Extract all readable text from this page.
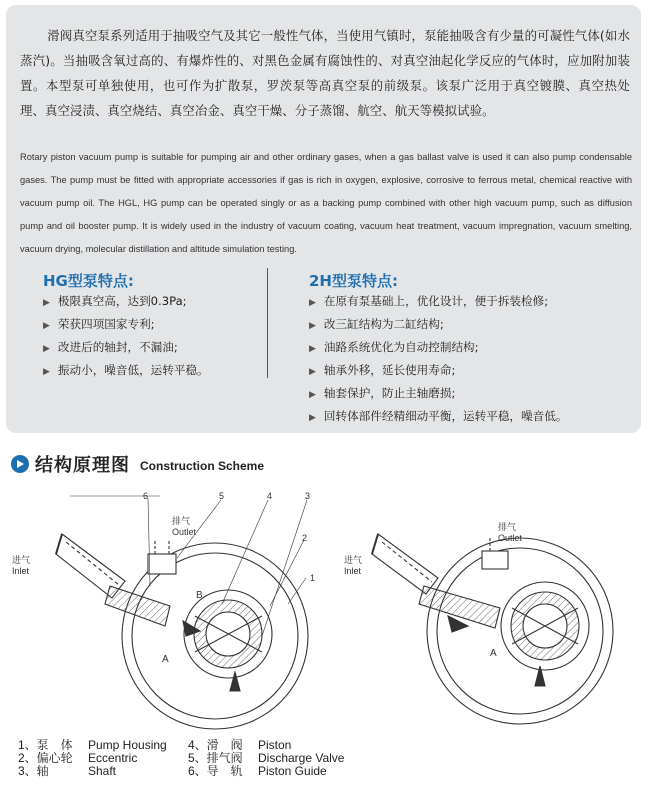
滑阀真空泵系列适用于抽吸空气及其它一般性气体，当使用气镇时，泵能抽吸含有少量的可凝性气体(如水蒸汽)。当抽吸含氧过高的、有爆炸性的、对黑色金属有腐蚀性的、对真空油起化学反应的气体时，应加附加装置。本型泵可单独使用，也可作为扩散泵，罗茨泵等高真空泵的前级泵。该泵广泛用于真空镀膜、真空热处理、真空浸渍、真空烧结、真空冶金、真空干燥、分子蒸馏、航空、航天等模拟试验。

Rotary piston vacuum pump is suitable for pumping air and other ordinary gases, when a gas ballast valve is used it can also pump condensable gases. The pump must be fitted with appropriate accessories if gas is rich in oxygen, explosive, corrosive to ferrous metal, chemical reactive with vacuum pump oil. The HGL, HG pump can be operated singly or as a backing pump combined with other high vacuum pump, such as diffusion pump and oil booster pump. It is widely used in the industry of vacuum coating, vacuum heat treatment, vacuum impregnation, vacuum smelting, vacuum drying, molecular distillation and altitude simulation testing.

HG型泵特点:
▶ 极限真空高，达到0.3Pa;
▶ 荣获四项国家专利;
▶ 改进后的轴封，不漏油;
▶ 振动小，噪音低，运转平稳。
2H型泵特点:
▶ 在原有泵基础上，优化设计，便于拆装检修;
▶ 改三缸结构为二缸结构;
▶ 油路系统优化为自动控制结构;
▶ 轴承外移，延长使用寿命;
▶ 轴套保护，防止主轴磨损;
▶ 回转体部件经精细动平衡，运转平稳，噪音低。
结构原理图 Construction Scheme
进气
Inlet
排气
Outlet
A
B
1
2
3
4
5
6
进气
Inlet
排气
Outlet
A
1、泵　体	Pump Housing	4、滑　阀	Piston
2、偏心轮	Eccentric	5、排气阀	Discharge Valve
3、轴	Shaft	6、导　轨	Piston Guide
